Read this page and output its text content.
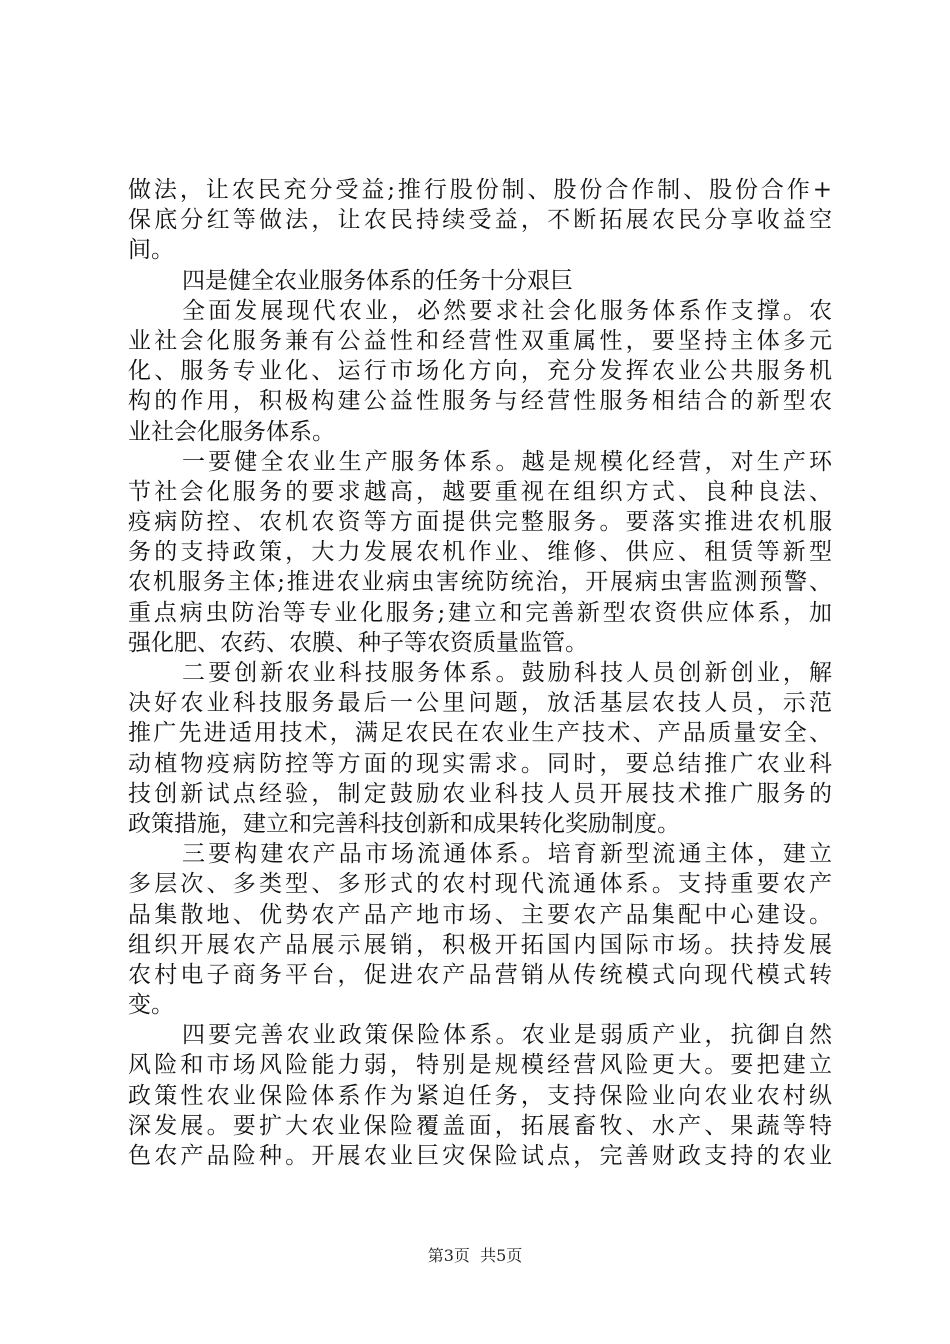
做法，让农民充分受益;推行股份制、股份合作制、股份合作+
保底分红等做法，让农民持续受益，不断拓展农民分享收益空
间。
四是健全农业服务体系的任务十分艰巨
全面发展现代农业，必然要求社会化服务体系作支撑。农
业社会化服务兼有公益性和经营性双重属性，要坚持主体多元
化、服务专业化、运行市场化方向，充分发挥农业公共服务机
构的作用，积极构建公益性服务与经营性服务相结合的新型农
业社会化服务体系。
一要健全农业生产服务体系。越是规模化经营，对生产环
节社会化服务的要求越高，越要重视在组织方式、良种良法、
疫病防控、农机农资等方面提供完整服务。要落实推进农机服
务的支持政策，大力发展农机作业、维修、供应、租赁等新型
农机服务主体;推进农业病虫害统防统治，开展病虫害监测预警、
重点病虫防治等专业化服务;建立和完善新型农资供应体系，加
强化肥、农药、农膜、种子等农资质量监管。
二要创新农业科技服务体系。鼓励科技人员创新创业，解
决好农业科技服务最后一公里问题，放活基层农技人员，示范
推广先进适用技术，满足农民在农业生产技术、产品质量安全、
动植物疫病防控等方面的现实需求。同时，要总结推广农业科
技创新试点经验，制定鼓励农业科技人员开展技术推广服务的
政策措施，建立和完善科技创新和成果转化奖励制度。
三要构建农产品市场流通体系。培育新型流通主体，建立
多层次、多类型、多形式的农村现代流通体系。支持重要农产
品集散地、优势农产品产地市场、主要农产品集配中心建设。
组织开展农产品展示展销，积极开拓国内国际市场。扶持发展
农村电子商务平台，促进农产品营销从传统模式向现代模式转
变。
四要完善农业政策保险体系。农业是弱质产业，抗御自然
风险和市场风险能力弱，特别是规模经营风险更大。要把建立
政策性农业保险体系作为紧迫任务，支持保险业向农业农村纵
深发展。要扩大农业保险覆盖面，拓展畜牧、水产、果蔬等特
色农产品险种。开展农业巨灾保险试点，完善财政支持的农业
第3页  共5页
